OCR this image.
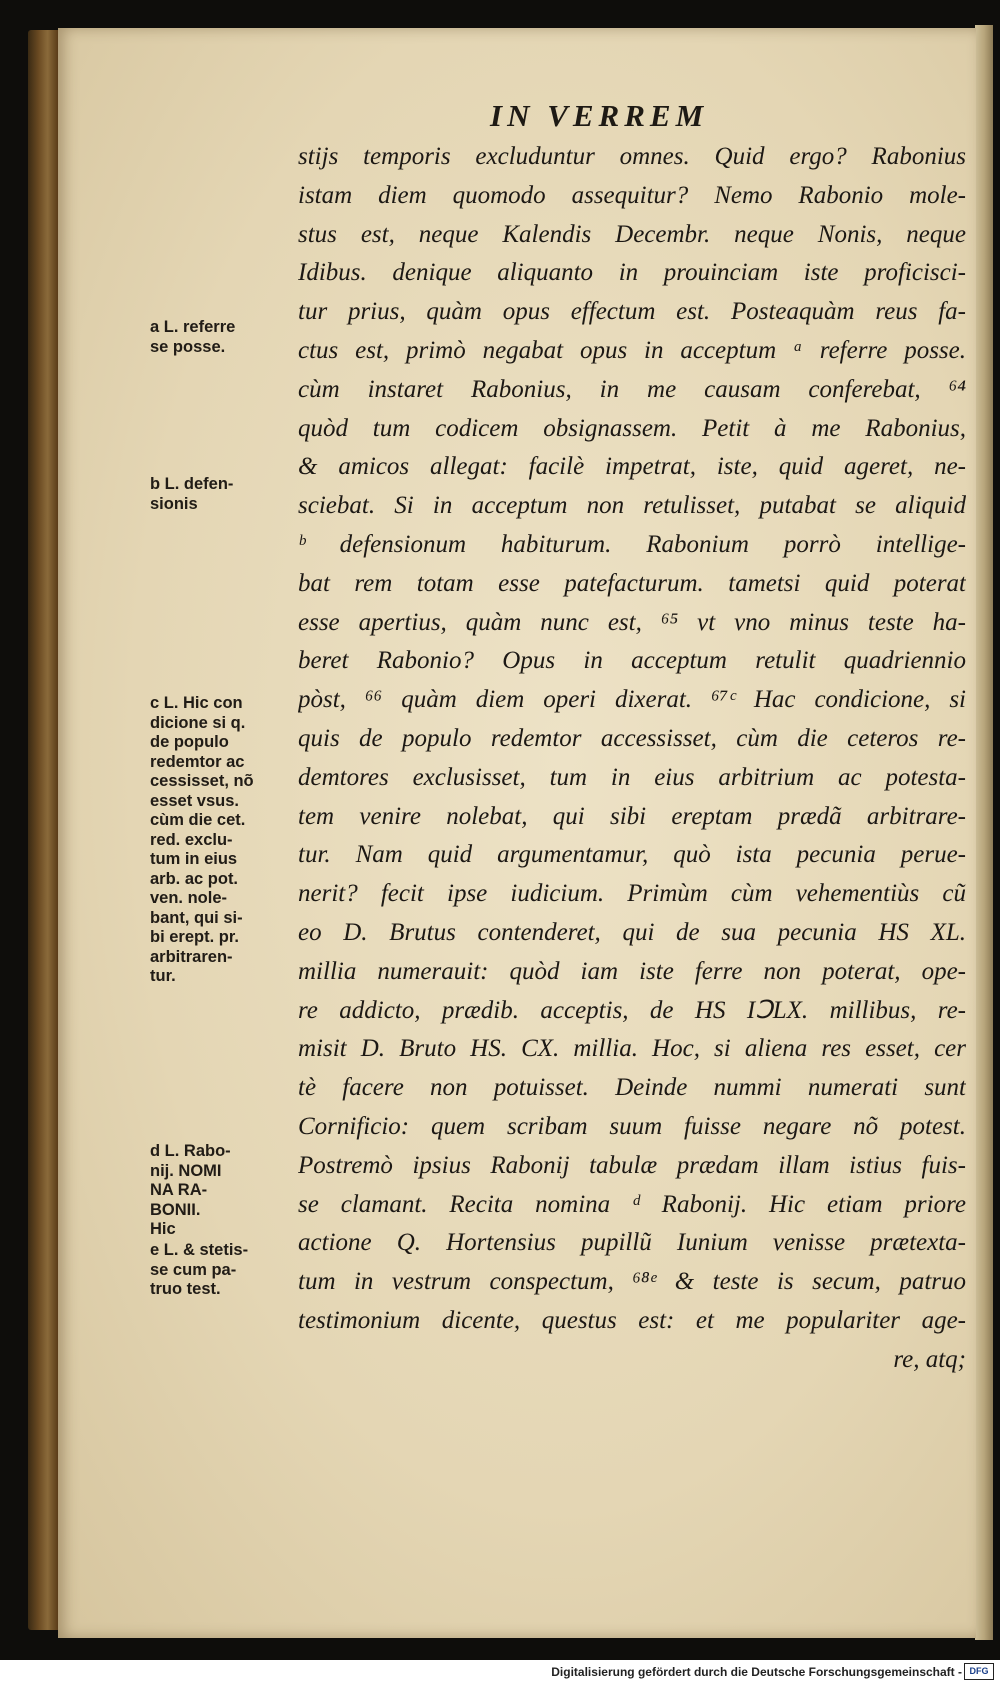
IN VERREM
stijs temporis excluduntur omnes. Quid ergo? Rabonius
istam diem quomodo assequitur? Nemo Rabonio mole-
stus est, neque Kalendis Decembr. neque Nonis, neque
Idibus. denique aliquanto in prouinciam iste proficisci-
tur prius, quàm opus effectum est. Posteaquàm reus fa-
ctus est, primò negabat opus in acceptum ᵃ referre posse.
cùm instaret Rabonius, in me causam conferebat, ⁶⁴
quòd tum codicem obsignassem. Petit à me Rabonius,
& amicos allegat: facilè impetrat, iste, quid ageret, ne-
sciebat. Si in acceptum non retulisset, putabat se aliquid
ᵇ defensionum habiturum. Rabonium porrò intellige-
bat rem totam esse patefacturum. tametsi quid poterat
esse apertius, quàm nunc est, ⁶⁵ vt vno minus teste ha-
beret Rabonio? Opus in acceptum retulit quadriennio
pòst, ⁶⁶ quàm diem operi dixerat. ⁶⁷ᶜ Hac condicione, si
quis de populo redemtor accessisset, cùm die ceteros re-
demtores exclusisset, tum in eius arbitrium ac potesta-
tem venire nolebat, qui sibi ereptam prædã arbitrare-
tur. Nam quid argumentamur, quò ista pecunia perue-
nerit? fecit ipse iudicium. Primùm cùm vehementiùs cũ
eo D. Brutus contenderet, qui de sua pecunia HS XL.
millia numerauit: quòd iam iste ferre non poterat, ope-
re addicto, prædib. acceptis, de HS IↃLX. millibus, re-
misit D. Bruto HS. CX. millia. Hoc, si aliena res esset, cer
tè facere non potuisset. Deinde nummi numerati sunt
Cornificio: quem scribam suum fuisse negare nõ potest.
Postremò ipsius Rabonij tabulæ prædam illam istius fuis-
se clamant. Recita nomina ᵈ Rabonij. Hic etiam priore
actione Q. Hortensius pupillũ Iunium venisse prætexta-
tum in vestrum conspectum, ⁶⁸ᵉ & teste is secum, patruo
testimonium dicente, questus est: et me populariter age-
re, atq;
a L. referre
se posse.
b L. defen-
sionis
c L. Hic con
dicione si q.
de populo
redemtor ac
cessisset, nõ
esset vsus.
cùm die cet.
red. exclu-
tum in eius
arb. ac pot.
ven. nole-
bant, qui si-
bi erept. pr.
arbitraren-
tur.
d L. Rabo-
nij. NOMI
NA RA-
BONII.
Hic
e L. & stetis-
se cum pa-
truo test.
Digitalisierung gefördert durch die Deutsche Forschungsgemeinschaft - DFG
